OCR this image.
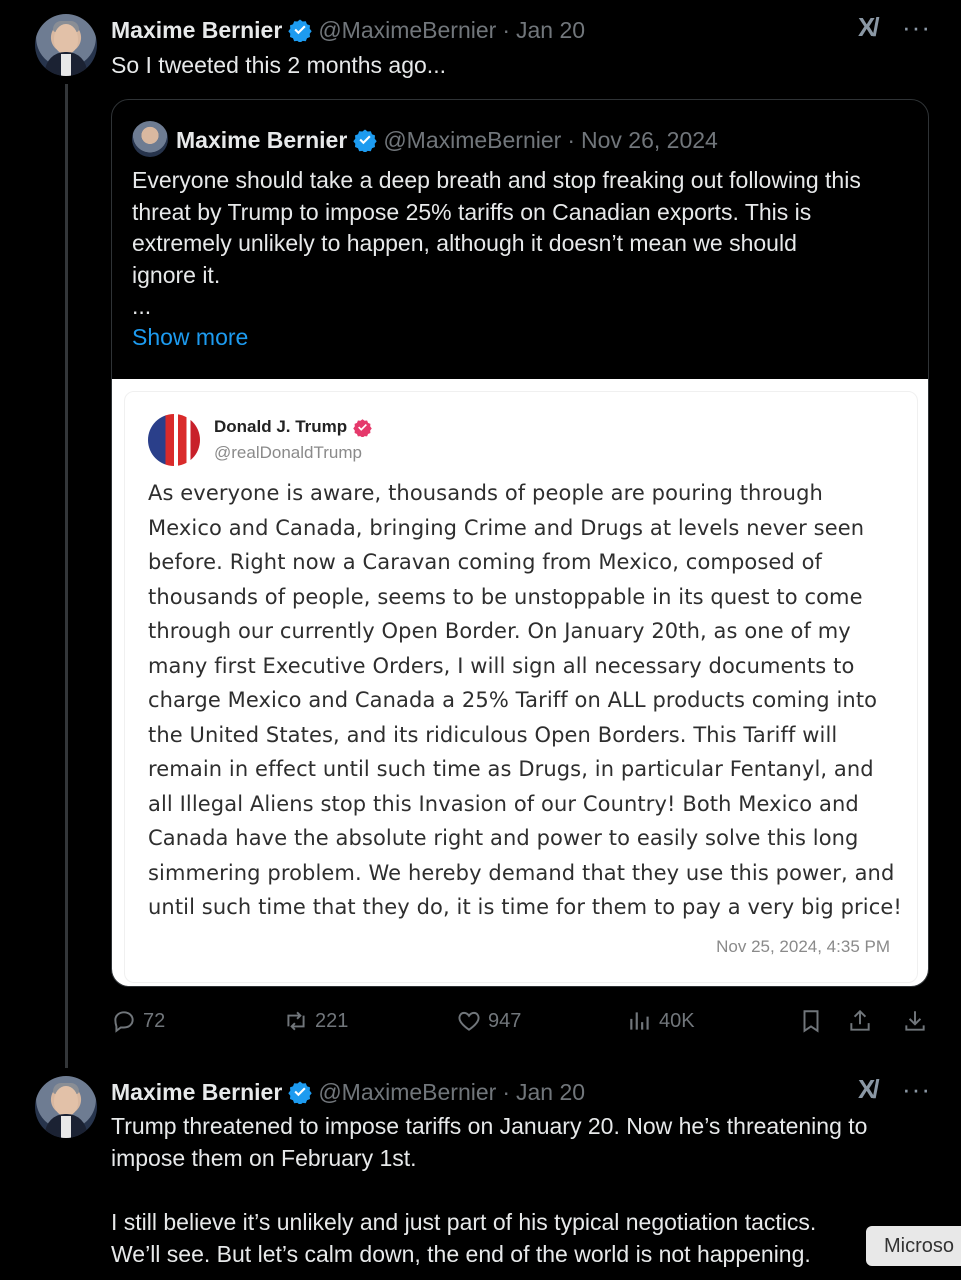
Maxime Bernier @MaximeBernier · Jan 20	X/ ···
So I tweeted this 2 months ago...
Maxime Bernier @MaximeBernier · Nov 26, 2024
Everyone should take a deep breath and stop freaking out following this
threat by Trump to impose 25% tariffs on Canadian exports. This is
extremely unlikely to happen, although it doesn’t mean we should
ignore it.
...
Show more
Donald J. Trump
@realDonaldTrump
As everyone is aware, thousands of people are pouring through
Mexico and Canada, bringing Crime and Drugs at levels never seen
before. Right now a Caravan coming from Mexico, composed of
thousands of people, seems to be unstoppable in its quest to come
through our currently Open Border. On January 20th, as one of my
many first Executive Orders, I will sign all necessary documents to
charge Mexico and Canada a 25% Tariff on ALL products coming into
the United States, and its ridiculous Open Borders. This Tariff will
remain in effect until such time as Drugs, in particular Fentanyl, and
all Illegal Aliens stop this Invasion of our Country! Both Mexico and
Canada have the absolute right and power to easily solve this long
simmering problem. We hereby demand that they use this power, and
until such time that they do, it is time for them to pay a very big price!
Nov 25, 2024, 4:35 PM
72	221	947	40K
Maxime Bernier @MaximeBernier · Jan 20	X/ ···
Trump threatened to impose tariffs on January 20. Now he’s threatening to
impose them on February 1st.
I still believe it’s unlikely and just part of his typical negotiation tactics.
We’ll see. But let’s calm down, the end of the world is not happening.	Microso
